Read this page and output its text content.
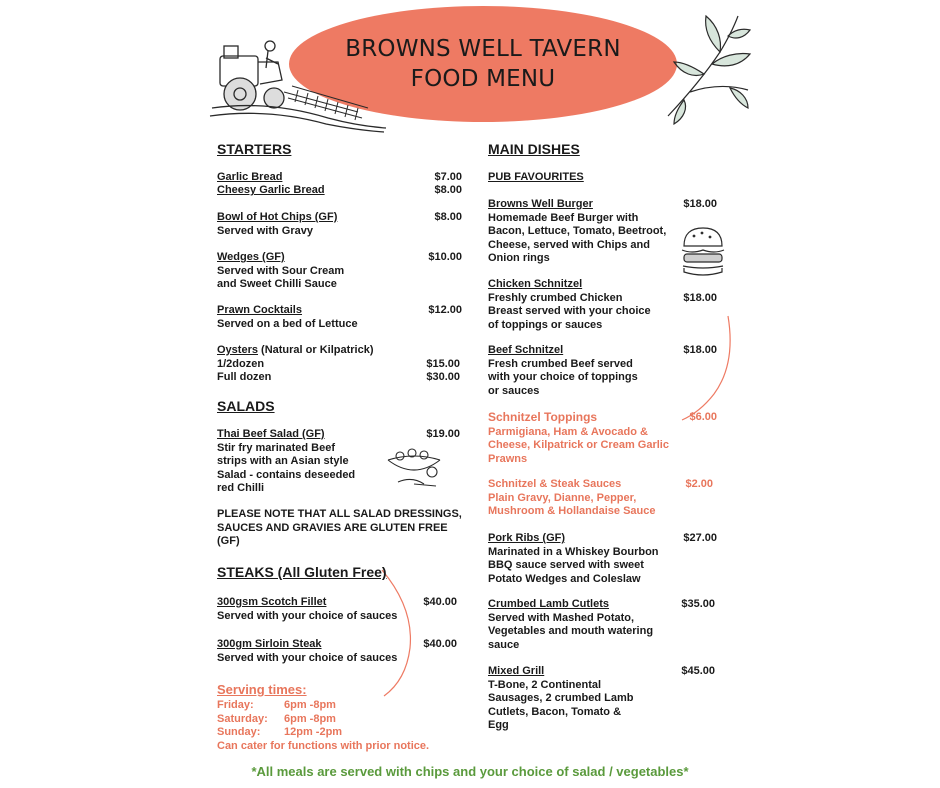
BROWNS WELL TAVERN
FOOD MENU
STARTERS
Garlic Bread	$7.00
Cheesy Garlic Bread	$8.00
Bowl of Hot Chips (GF)	$8.00
Served with Gravy
Wedges (GF)	$10.00
Served with Sour Cream
and Sweet Chilli Sauce
Prawn Cocktails	$12.00
Served on a bed of Lettuce
Oysters (Natural or Kilpatrick)
1/2dozen	$15.00
Full dozen	$30.00
SALADS
Thai Beef Salad (GF)	$19.00
Stir fry marinated Beef
strips with an Asian style
Salad - contains deseeded
red Chilli
PLEASE NOTE THAT ALL SALAD DRESSINGS,
SAUCES AND GRAVIES ARE GLUTEN FREE
(GF)
STEAKS (All Gluten Free)
300gsm Scotch Fillet	$40.00
Served with your choice of sauces
300gm Sirloin Steak	$40.00
Served with your choice of sauces
Serving times:
Friday:	6pm -8pm
Saturday: 6pm -8pm
Sunday: 12pm -2pm
Can cater for functions with prior notice.
MAIN DISHES
PUB FAVOURITES
Browns Well Burger	$18.00
Homemade Beef Burger with
Bacon, Lettuce, Tomato, Beetroot,
Cheese, served with Chips and
Onion rings
Chicken Schnitzel
Freshly crumbed Chicken	$18.00
Breast served with your choice
of toppings or sauces
Beef Schnitzel	$18.00
Fresh crumbed Beef served
with your choice of toppings
or sauces
Schnitzel Toppings	$6.00
Parmigiana, Ham & Avocado &
Cheese, Kilpatrick or Cream Garlic
Prawns
Schnitzel & Steak Sauces	$2.00
Plain Gravy, Dianne, Pepper,
Mushroom & Hollandaise Sauce
Pork Ribs (GF)	$27.00
Marinated in a Whiskey Bourbon
BBQ sauce served with sweet
Potato Wedges and Coleslaw
Crumbed Lamb Cutlets	$35.00
Served with Mashed Potato,
Vegetables and mouth watering
sauce
Mixed Grill	$45.00
T-Bone, 2 Continental
Sausages, 2 crumbed Lamb
Cutlets, Bacon, Tomato &
Egg
*All meals are served with chips and your choice of salad / vegetables*
